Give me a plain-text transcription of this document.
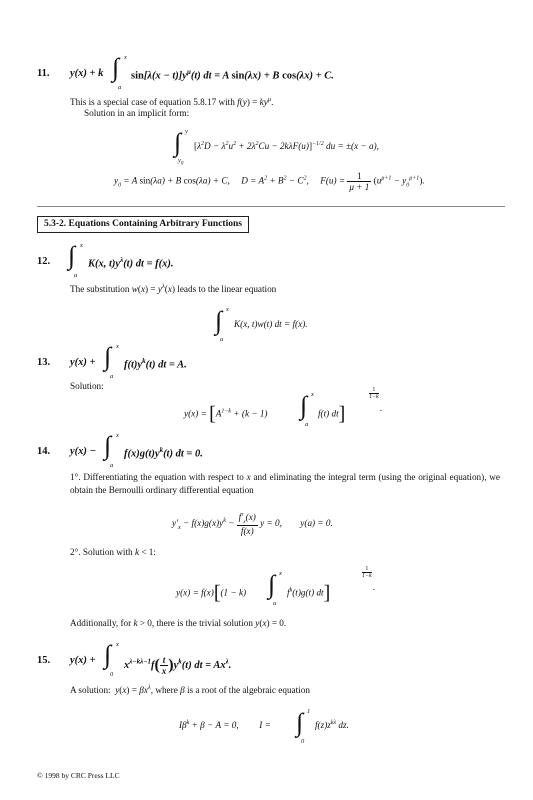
11. y(x) + k ∫ x
a
$\sin[\lambda(x - t)]y^\mu(t)$ dt = A sin(λx) + B cos(λx) + C.
This is a special case of equation 5.8.17 with $f(y) = ky^\mu$.
Solution in an implicit form:
∫ y
$y_0$
$[\lambda^2D - \lambda^2u^2 + 2\lambda^2Cu - 2k\lambda F(u)]^{-1/2}$ du = ±(x − a),
$y_0 = A$ sin(λa) + B cos(λa) + C,     $D = A^2 + B^2 - C^2$,     $F(u) = \frac{1}{\mu + 1} (u^{\mu+1} - y_0^{\mu+1})$.
5.3-2. Equations Containing Arbitrary Functions
12. ∫ x
a
K(x, $t)y^\lambda(t)$ dt = f(x).
The substitution $w(x) = y^\lambda(x)$ leads to the linear equation
∫ x
a
K(x, t)w(t) dt = f(x).
13. y(x) + ∫ x
a
$f(t)y^k(t)$ dt = A.
Solution:
$y(x) = [A^{1-k} + (k - 1)$ ∫ x
a
f(t) dt]
1
1−k
.
14. y(x) − ∫ x
a
$f(x)g(t)y^k(t)$ dt = 0.
1°. Differentiating the equation with respect to x and eliminating the integral term (using the original equation), we obtain the Bernoulli ordinary differential equation
$y'_x - f(x)g(x)y^k - \frac{f'_x(x)}{f(x)}$ y = 0,        y(a) = 0.
2°. Solution with k < 1:
y(x) = f(x)[(1 − k) ∫ x
a
$f^k(t)g(t)$ dt]
1
1−k
.
Additionally, for k > 0, there is the trivial solution y(x) = 0.
15. y(x) + ∫ x
0
$x^{\lambda-k\lambda-1}f( \frac{t}{x} )y^k(t)$ dt = $Ax^\lambda$.
A solution:  $y(x) = \beta x^\lambda$, where β is a root of the algebraic equation
$I\beta^k + \beta - A = 0$,         I = ∫ 1
0
$f(z)z^{k\lambda}$ dz.
© 1998 by CRC Press LLC
